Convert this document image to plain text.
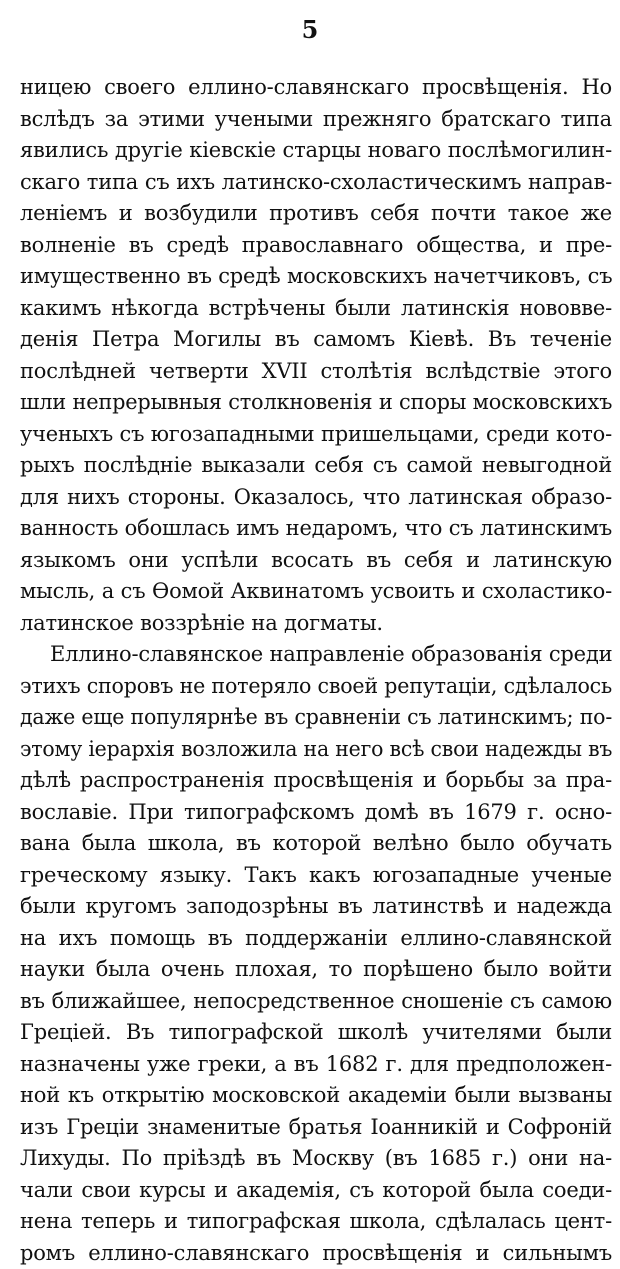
5
ницею своего еллино-славянскаго просвѣщенія. Но
вслѣдъ за этими учеными прежняго братскаго типа
явились другіе кіевскіе старцы новаго послѣмогилин-
скаго типа съ ихъ латинско-схоластическимъ направ-
леніемъ и возбудили противъ себя почти такое же
волненіе въ средѣ православнаго общества, и пре-
имущественно въ средѣ московскихъ начетчиковъ, съ
какимъ нѣкогда встрѣчены были латинскія нововве-
денія Петра Могилы въ самомъ Кіевѣ. Въ теченіе
послѣдней четверти XVII столѣтія вслѣдствіе этого
шли непрерывныя столкновенія и споры московскихъ
ученыхъ съ югозападными пришельцами, среди кото-
рыхъ послѣдніе выказали себя съ самой невыгодной
для нихъ стороны. Оказалось, что латинская образо-
ванность обошлась имъ недаромъ, что съ латинскимъ
языкомъ они успѣли всосать въ себя и латинскую
мысль, а съ Ѳомой Аквинатомъ усвоить и схоластико-
латинское воззрѣніе на догматы.
Еллино-славянское направленіе образованія среди
этихъ споровъ не потеряло своей репутаціи, сдѣлалось
даже еще популярнѣе въ сравненіи съ латинскимъ; по-
этому іерархія возложила на него всѣ свои надежды въ
дѣлѣ распространенія просвѣщенія и борьбы за пра-
вославіе. При типографскомъ домѣ въ 1679 г. осно-
вана была школа, въ которой велѣно было обучать
греческому языку. Такъ какъ югозападные ученые
были кругомъ заподозрѣны въ латинствѣ и надежда
на ихъ помощь въ поддержаніи еллино-славянской
науки была очень плохая, то порѣшено было войти
въ ближайшее, непосредственное сношеніе съ самою
Греціей. Въ типографской школѣ учителями были
назначены уже греки, а въ 1682 г. для предположен-
ной къ открытію московской академіи были вызваны
изъ Греціи знаменитые братья Іоанникій и Софроній
Лихуды. По пріѣздѣ въ Москву (въ 1685 г.) они на-
чали свои курсы и академія, съ которой была соеди-
нена теперь и типографская школа, сдѣлалась цент-
ромъ еллино-славянскаго просвѣщенія и сильнымъ
